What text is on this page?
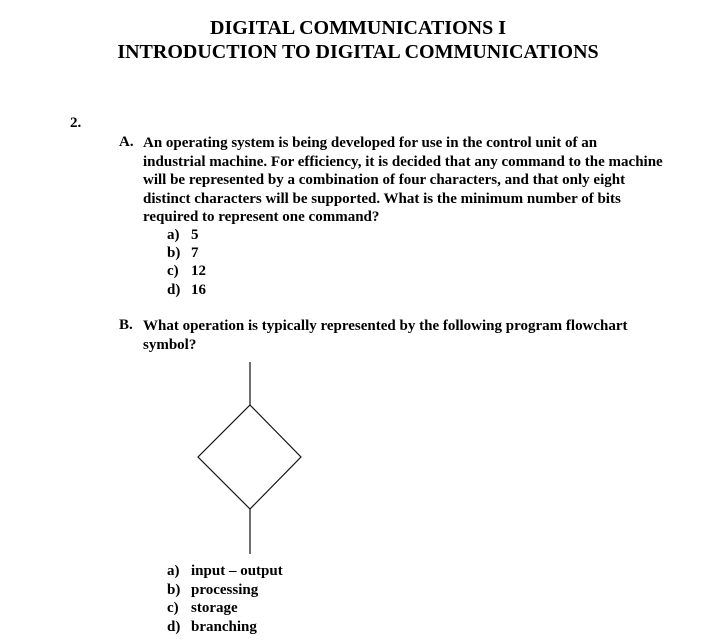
DIGITAL COMMUNICATIONS I
INTRODUCTION TO DIGITAL COMMUNICATIONS
2.
A. An operating system is being developed for use in the control unit of an industrial machine. For efficiency, it is decided that any command to the machine will be represented by a combination of four characters, and that only eight distinct characters will be supported. What is the minimum number of bits required to represent one command?
a) 5
b) 7
c) 12
d) 16
B. What operation is typically represented by the following program flowchart symbol?
a) input – output
b) processing
c) storage
d) branching
